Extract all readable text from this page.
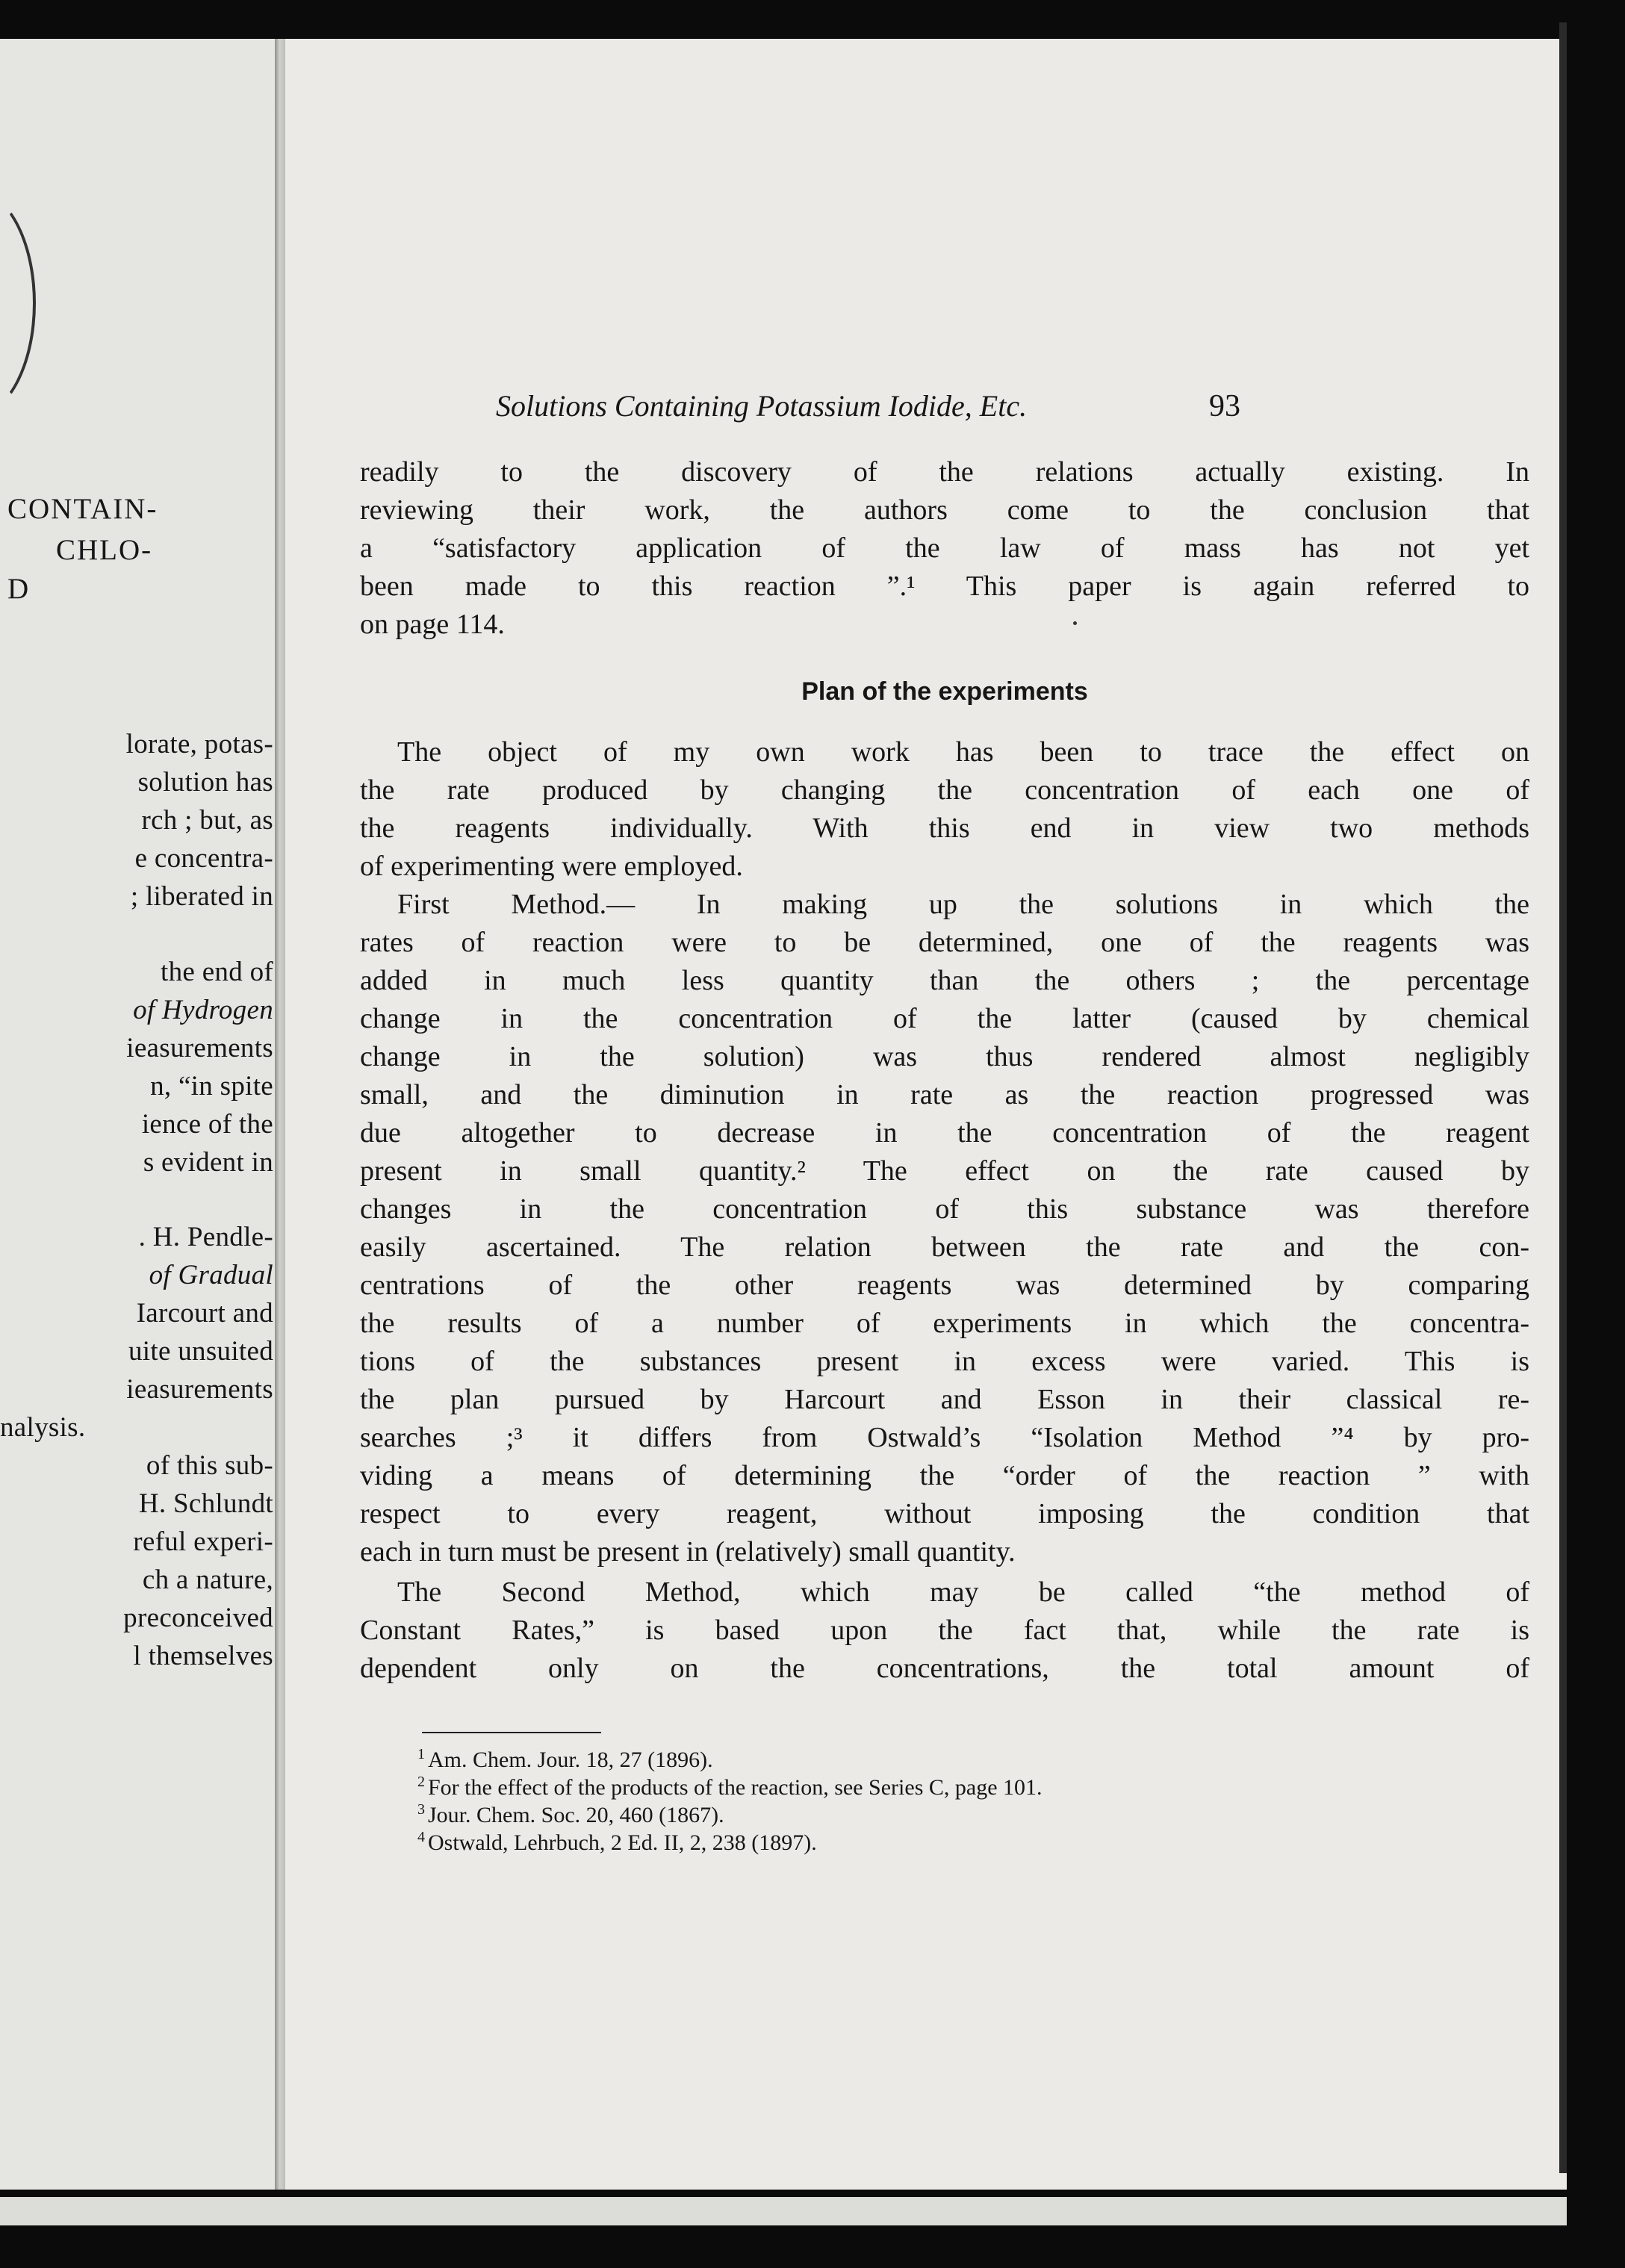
CONTAIN-
CHLO-
D
lorate, potas-
solution has
rch ; but, as
e concentra-
; liberated in
the end of
of Hydrogen
ieasurements
n, “in spite
ience of the
s evident in
. H. Pendle-
of Gradual
Iarcourt and
uite unsuited
ieasurements
nalysis.
of this sub-
H. Schlundt
reful experi-
ch a nature,
preconceived
l themselves
Solutions Containing Potassium Iodide, Etc.	93
readily to the discovery of the relations actually existing. In
reviewing their work, the authors come to the conclusion that
a “satisfactory application of the law of mass has not yet
been made to this reaction ”.¹ This paper is again referred to
on page 114.
Plan of the experiments
The object of my own work has been to trace the effect on
the rate produced by changing the concentration of each one of
the reagents individually. With this end in view two methods
of experimenting were employed.
First Method.— In making up the solutions in which the
rates of reaction were to be determined, one of the reagents was
added in much less quantity than the others ; the percentage
change in the concentration of the latter (caused by chemical
change in the solution) was thus rendered almost negligibly
small, and the diminution in rate as the reaction progressed was
due altogether to decrease in the concentration of the reagent
present in small quantity.² The effect on the rate caused by
changes in the concentration of this substance was therefore
easily ascertained. The relation between the rate and the con-
centrations of the other reagents was determined by comparing
the results of a number of experiments in which the concentra-
tions of the substances present in excess were varied. This is
the plan pursued by Harcourt and Esson in their classical re-
searches ;³ it differs from Ostwald’s “Isolation Method ”⁴ by pro-
viding a means of determining the “order of the reaction ” with
respect to every reagent, without imposing the condition that
each in turn must be present in (relatively) small quantity.
The Second Method, which may be called “the method of
Constant Rates,” is based upon the fact that, while the rate is
dependent only on the concentrations, the total amount of
$^1$ Am. Chem. Jour. 18, 27 (1896).
$^2$ For the effect of the products of the reaction, see Series C, page 101.
$^3$ Jour. Chem. Soc. 20, 460 (1867).
$^4$ Ostwald, Lehrbuch, 2 Ed. II, 2, 238 (1897).
